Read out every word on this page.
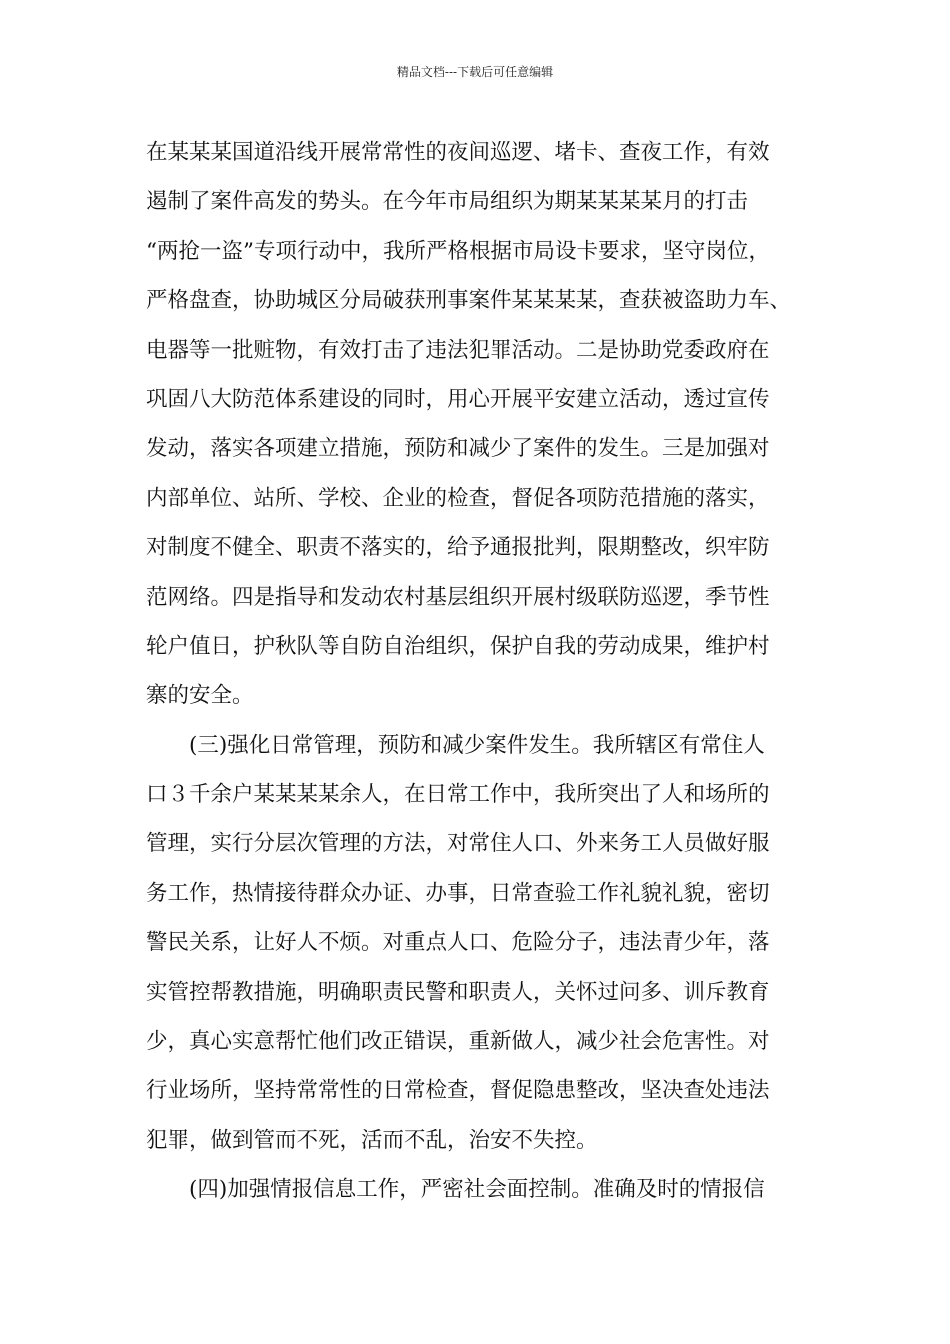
精品文档---下载后可任意编辑
在某某某国道沿线开展常常性的夜间巡逻、堵卡、查夜工作，有效
遏制了案件高发的势头。在今年市局组织为期某某某某月的打击
“两抢一盗”专项行动中，我所严格根据市局设卡要求，坚守岗位，
严格盘查，协助城区分局破获刑事案件某某某某，查获被盗助力车、
电器等一批赃物，有效打击了违法犯罪活动。二是协助党委政府在
巩固八大防范体系建设的同时，用心开展平安建立活动，透过宣传
发动，落实各项建立措施，预防和减少了案件的发生。三是加强对
内部单位、站所、学校、企业的检查，督促各项防范措施的落实，
对制度不健全、职责不落实的，给予通报批判，限期整改，织牢防
范网络。四是指导和发动农村基层组织开展村级联防巡逻，季节性
轮户值日，护秋队等自防自治组织，保护自我的劳动成果，维护村
寨的安全。
(三)强化日常管理，预防和减少案件发生。我所辖区有常住人
口３千余户某某某某余人，在日常工作中，我所突出了人和场所的
管理，实行分层次管理的方法，对常住人口、外来务工人员做好服
务工作，热情接待群众办证、办事，日常查验工作礼貌礼貌，密切
警民关系，让好人不烦。对重点人口、危险分子，违法青少年，落
实管控帮教措施，明确职责民警和职责人，关怀过问多、训斥教育
少，真心实意帮忙他们改正错误，重新做人，减少社会危害性。对
行业场所，坚持常常性的日常检查，督促隐患整改，坚决查处违法
犯罪，做到管而不死，活而不乱，治安不失控。
(四)加强情报信息工作，严密社会面控制。准确及时的情报信
